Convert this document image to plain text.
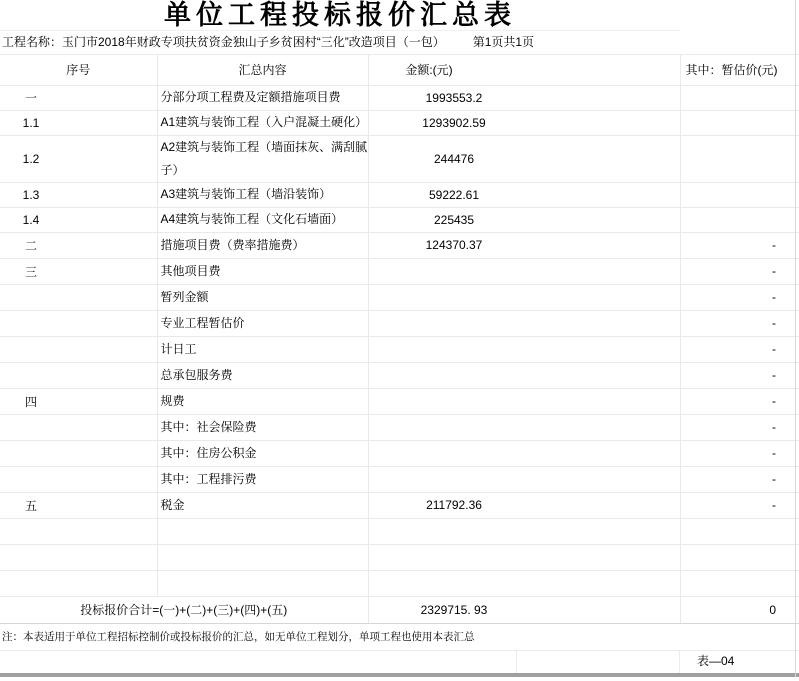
单位工程投标报价汇总表
工程名称：玉门市2018年财政专项扶贫资金独山子乡贫困村“三化”改造项目（一包） 第1页共1页
序号	汇总内容	金额:(元)	其中：暂估价(元)
一	分部分项工程费及定额措施项目费	1993553.2	
1.1	A1建筑与装饰工程（入户混凝土硬化）	1293902.59	
1.2	A2建筑与装饰工程（墙面抹灰、满刮腻子）	244476	
1.3	A3建筑与装饰工程（墙沿装饰）	59222.61	
1.4	A4建筑与装饰工程（文化石墙面）	225435	
二	措施项目费（费率措施费）	124370.37	-
三	其他项目费		-
	暂列金额		-
	专业工程暂估价		-
	计日工		-
	总承包服务费		-
四	规费		-
	其中：社会保险费		-
	其中：住房公积金		-
	其中：工程排污费		-
五	税金	211792.36	-

投标报价合计=(一)+(二)+(三)+(四)+(五)		2329715. 93	0
注：本表适用于单位工程招标控制价或投标报价的汇总，如无单位工程划分，单项工程也使用本表汇总
表—04
